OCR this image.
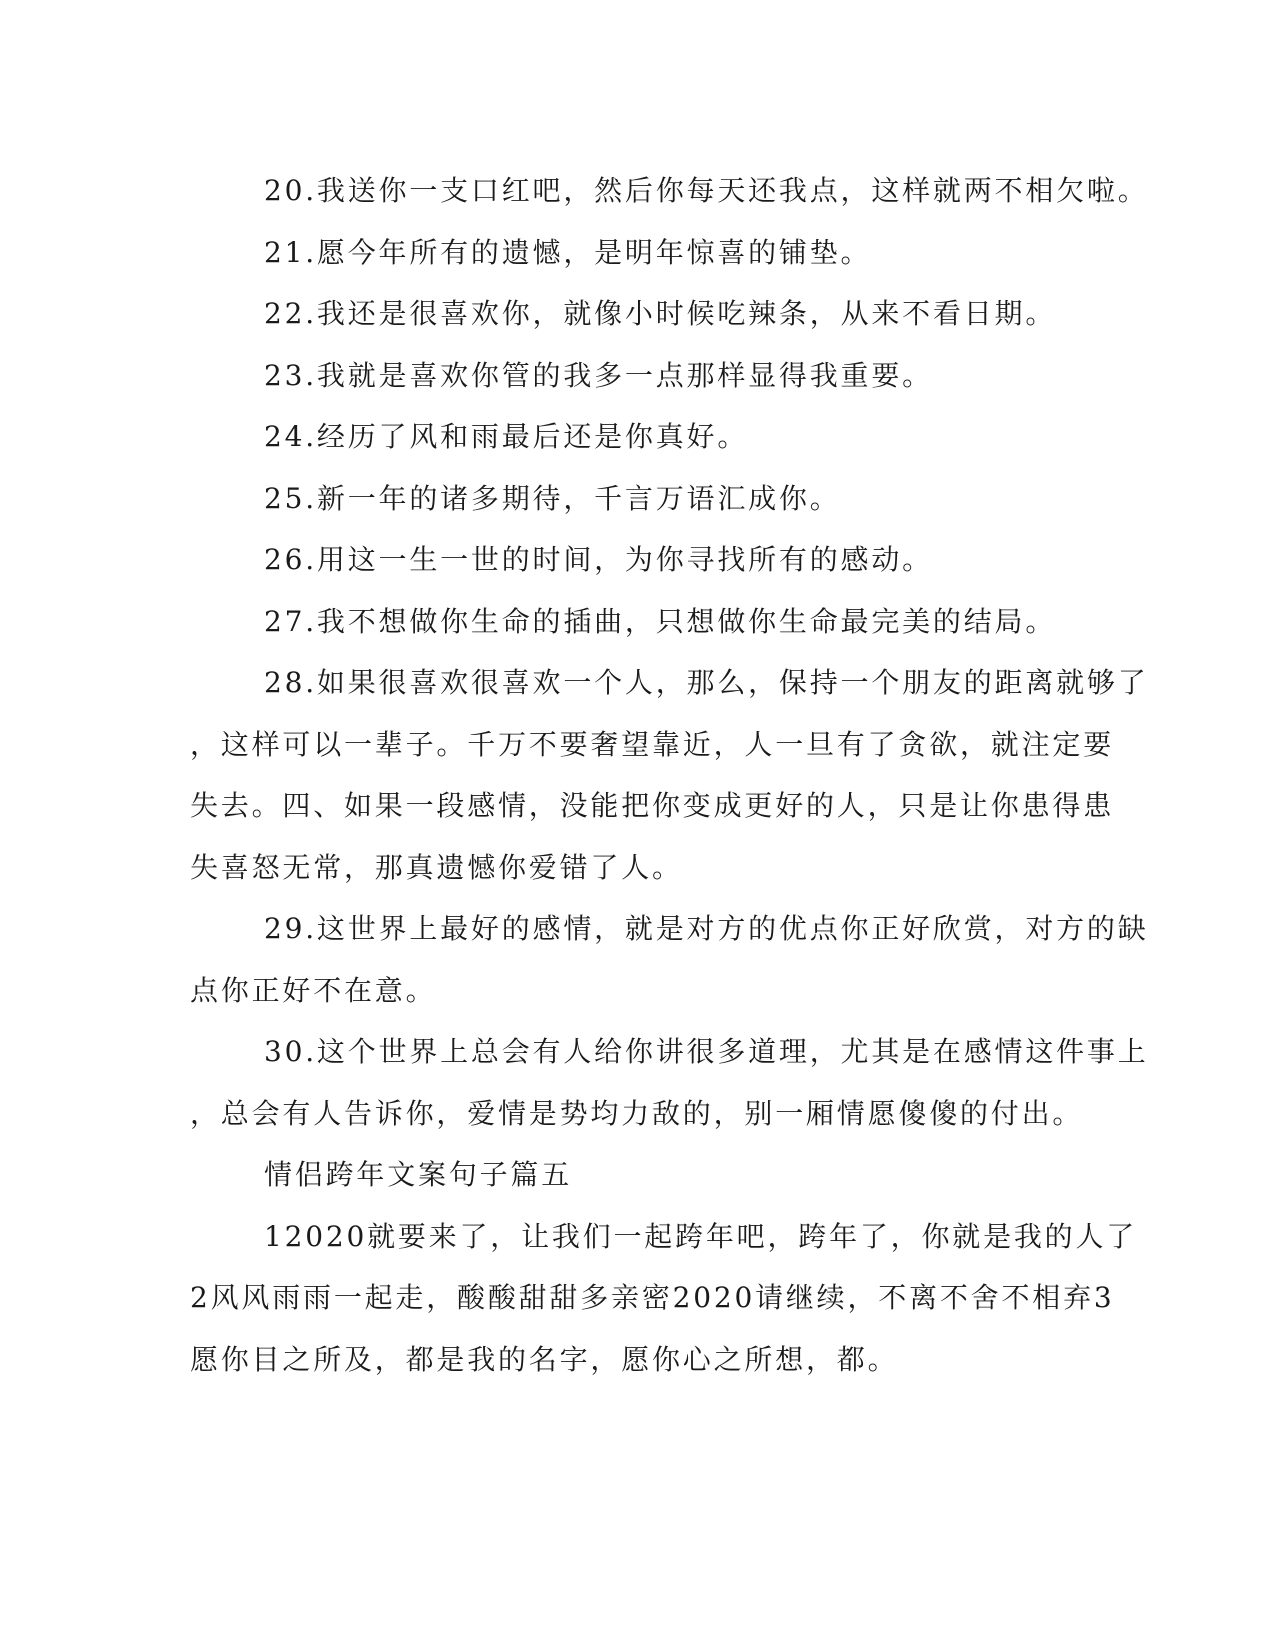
20.我送你一支口红吧，然后你每天还我点，这样就两不相欠啦。
21.愿今年所有的遗憾，是明年惊喜的铺垫。
22.我还是很喜欢你，就像小时候吃辣条，从来不看日期。
23.我就是喜欢你管的我多一点那样显得我重要。
24.经历了风和雨最后还是你真好。
25.新一年的诸多期待，千言万语汇成你。
26.用这一生一世的时间，为你寻找所有的感动。
27.我不想做你生命的插曲，只想做你生命最完美的结局。
28.如果很喜欢很喜欢一个人，那么，保持一个朋友的距离就够了
，这样可以一辈子。千万不要奢望靠近，人一旦有了贪欲，就注定要
失去。四、如果一段感情，没能把你变成更好的人，只是让你患得患
失喜怒无常，那真遗憾你爱错了人。
29.这世界上最好的感情，就是对方的优点你正好欣赏，对方的缺
点你正好不在意。
30.这个世界上总会有人给你讲很多道理，尤其是在感情这件事上
，总会有人告诉你，爱情是势均力敌的，别一厢情愿傻傻的付出。
情侣跨年文案句子篇五
12020就要来了，让我们一起跨年吧，跨年了，你就是我的人了
2风风雨雨一起走，酸酸甜甜多亲密2020请继续，不离不舍不相弃3
愿你目之所及，都是我的名字，愿你心之所想，都。
